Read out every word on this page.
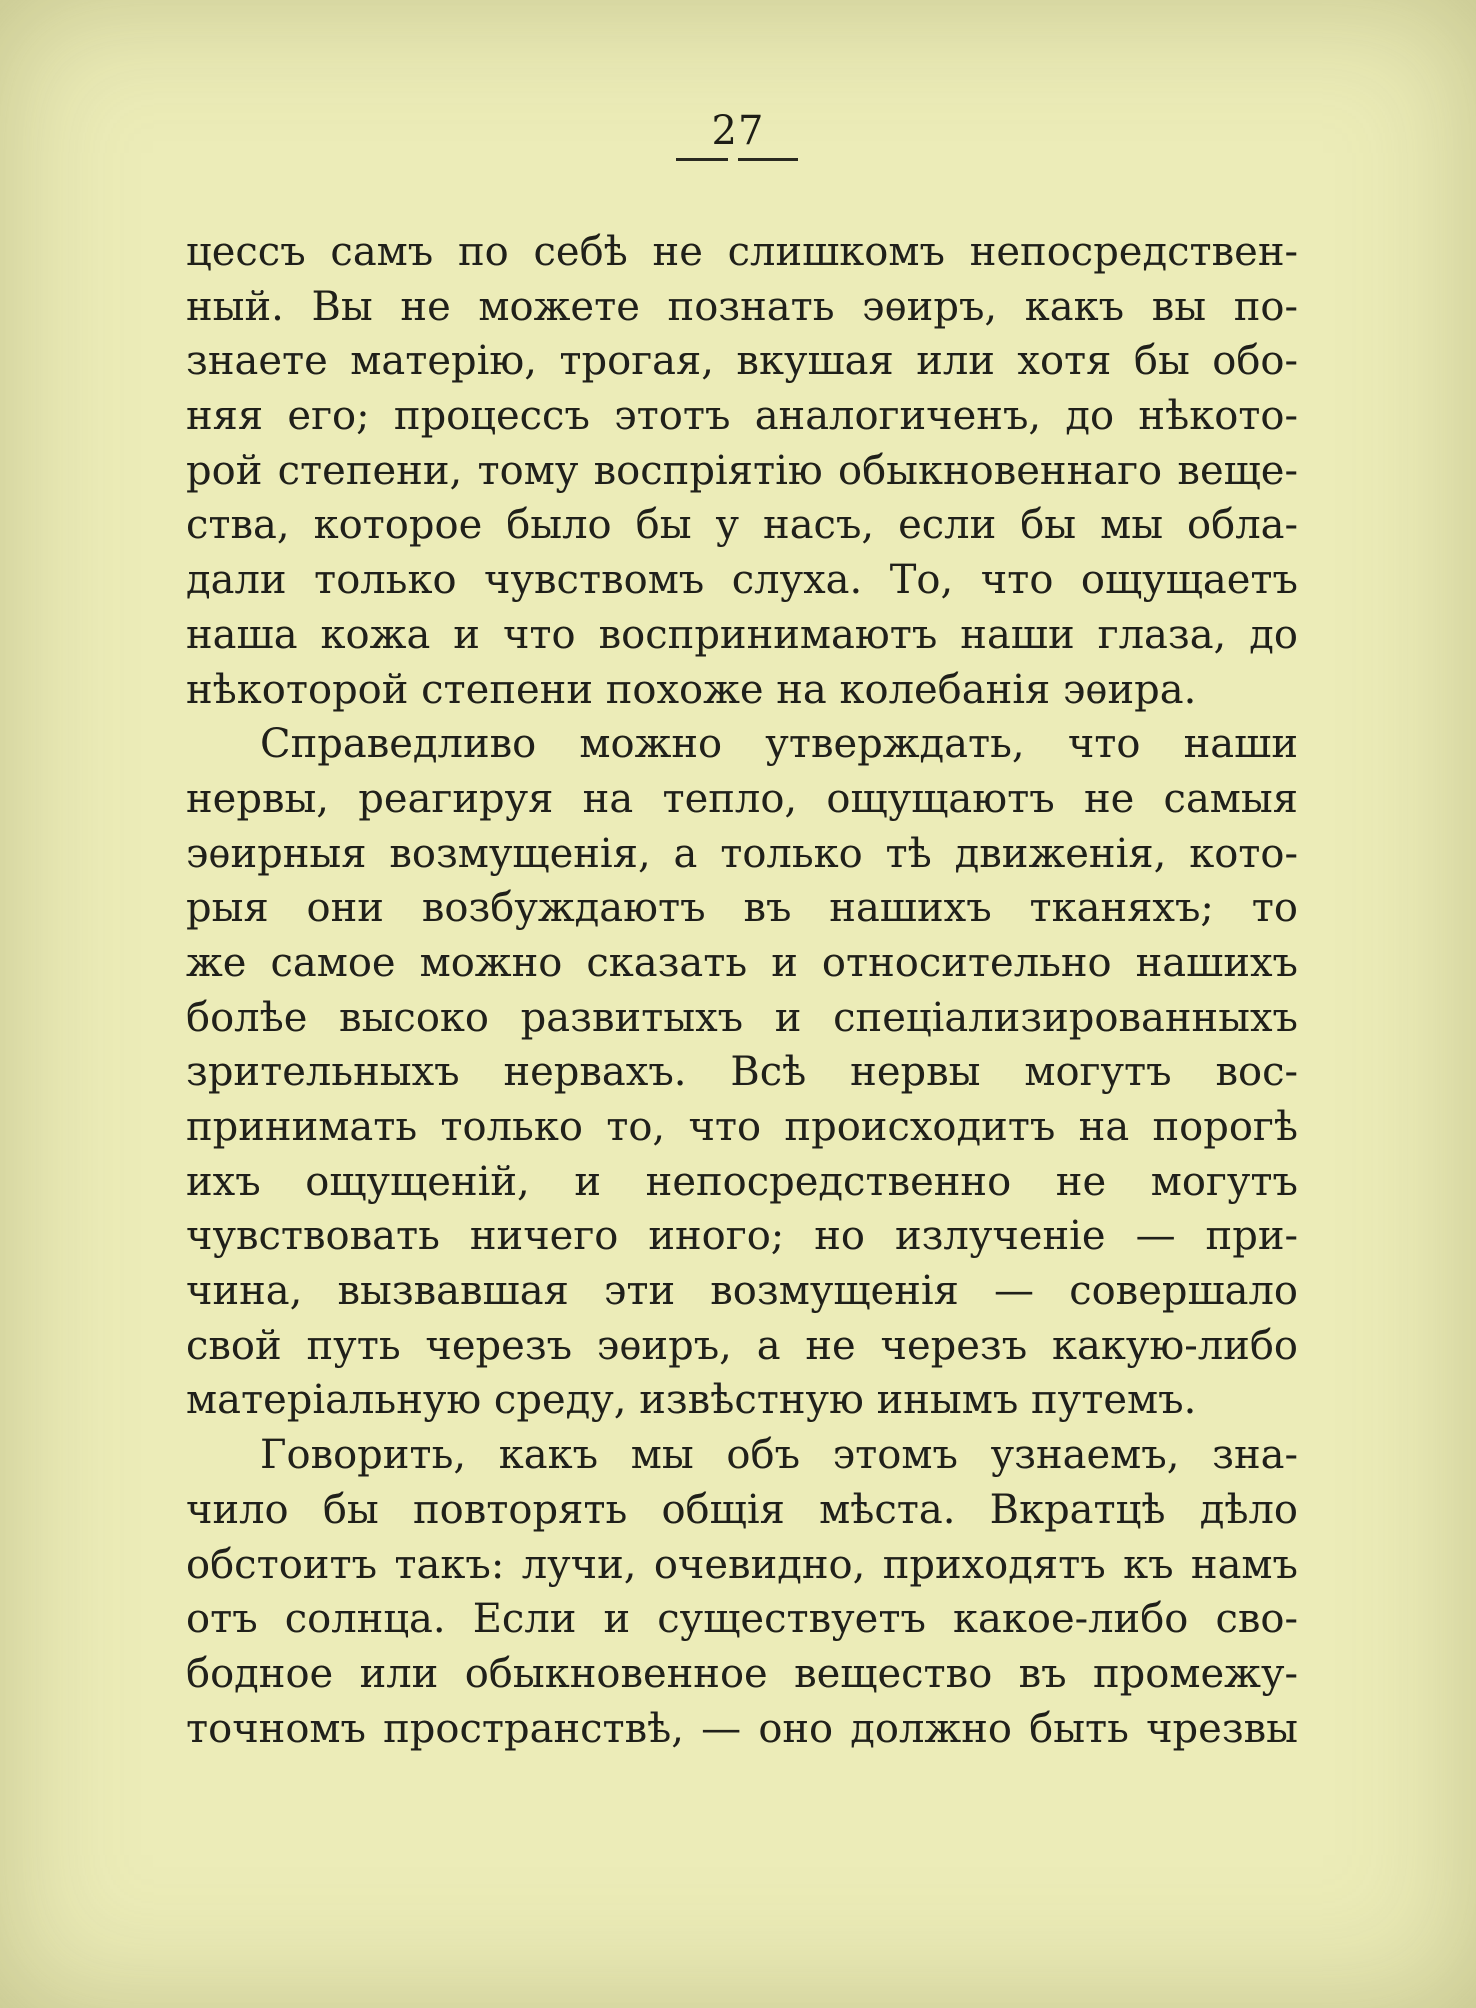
27
цессъ самъ по себѣ не слишкомъ непосредствен-
ный. Вы не можете познать эѳиръ, какъ вы по-
знаете матерію, трогая, вкушая или хотя бы обо-
няя его; процессъ этотъ аналогиченъ, до нѣкото-
рой степени, тому воспріятію обыкновеннаго веще-
ства, которое было бы у насъ, если бы мы обла-
дали только чувствомъ слуха. То, что ощущаетъ
наша кожа и что воспринимаютъ наши глаза, до
нѣкоторой степени похоже на колебанія эѳира.
Справедливо можно утверждать, что наши
нервы, реагируя на тепло, ощущаютъ не самыя
эѳирныя возмущенія, а только тѣ движенія, кото-
рыя они возбуждаютъ въ нашихъ тканяхъ; то
же самое можно сказать и относительно нашихъ
болѣе высоко развитыхъ и спеціализированныхъ
зрительныхъ нервахъ. Всѣ нервы могутъ вос-
принимать только то, что происходитъ на порогѣ
ихъ ощущеній, и непосредственно не могутъ
чувствовать ничего иного; но излученіе — при-
чина, вызвавшая эти возмущенія — совершало
свой путь черезъ эѳиръ, а не черезъ какую-либо
матеріальную среду, извѣстную инымъ путемъ.
Говорить, какъ мы объ этомъ узнаемъ, зна-
чило бы повторять общія мѣста. Вкратцѣ дѣло
обстоитъ такъ: лучи, очевидно, приходятъ къ намъ
отъ солнца. Если и существуетъ какое-либо сво-
бодное или обыкновенное вещество въ промежу-
точномъ пространствѣ, — оно должно быть чрезвы
